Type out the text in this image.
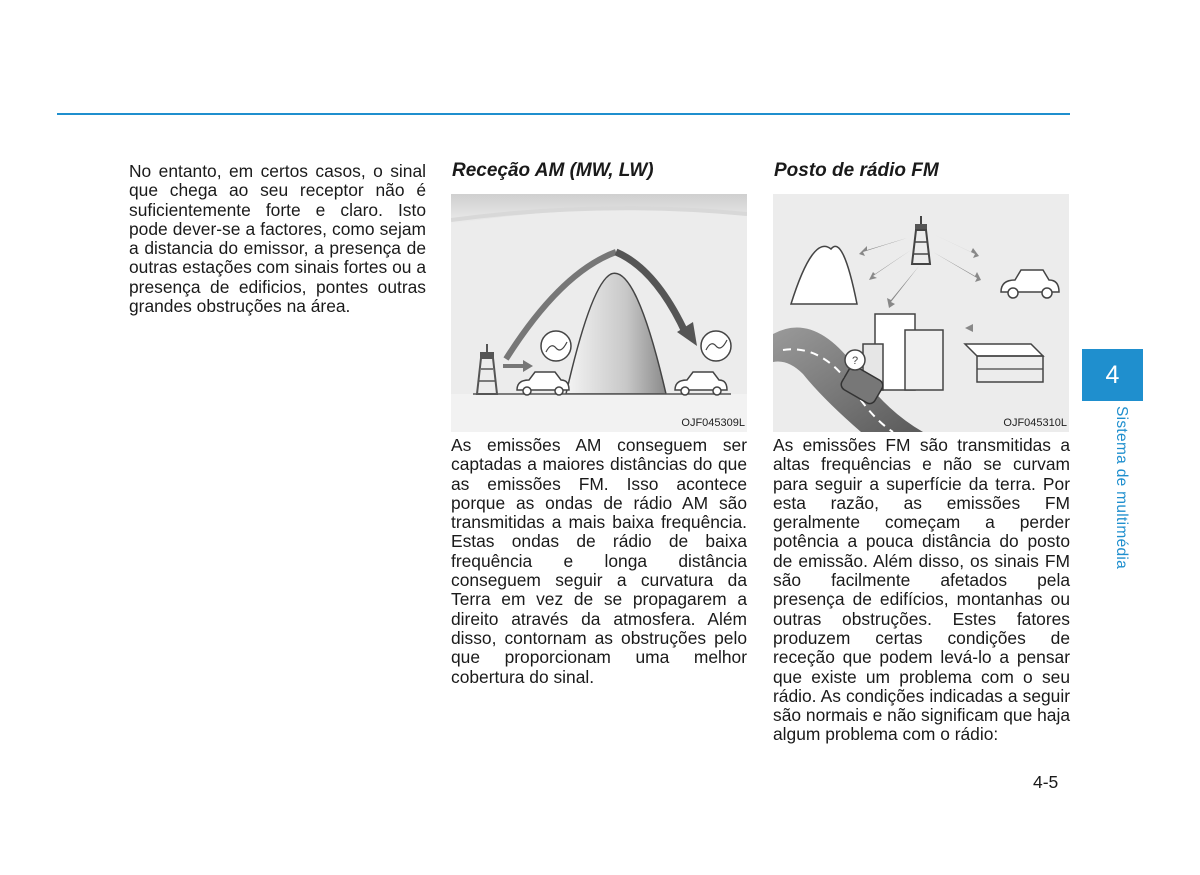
No entanto, em certos casos, o sinal que chega ao seu receptor não é suficientemente forte e claro. Isto pode dever-se a factores, como sejam a distancia do emissor, a presença de outras estações com sinais fortes ou a presença de edificios, pontes outras grandes obstruções na área.
Receção AM (MW, LW)
OJF045309L
As emissões AM conseguem ser captadas a maiores distâncias do que as emissões FM. Isso acontece porque as ondas de rádio AM são transmitidas a mais baixa frequência. Estas ondas de rádio de baixa frequência e longa distância conseguem seguir a curvatura da Terra em vez de se propagarem a direito através da atmosfera. Além disso, contornam as obstruções pelo que proporcionam uma melhor cobertura do sinal.
Posto de rádio FM
?
OJF045310L
As emissões FM são transmitidas a altas frequências e não se curvam para seguir a superfície da terra. Por esta razão, as emissões FM geralmente começam a perder potência a pouca distância do posto de emissão. Além disso, os sinais FM são facilmente afetados pela presença de edifícios, montanhas ou outras obstruções. Estes fatores produzem certas condições de receção que podem levá-lo a pensar que existe um problema com o seu rádio. As condições indicadas a seguir são normais e não significam que haja algum problema com o rádio:
4
Sistema de multimédia
4-5
